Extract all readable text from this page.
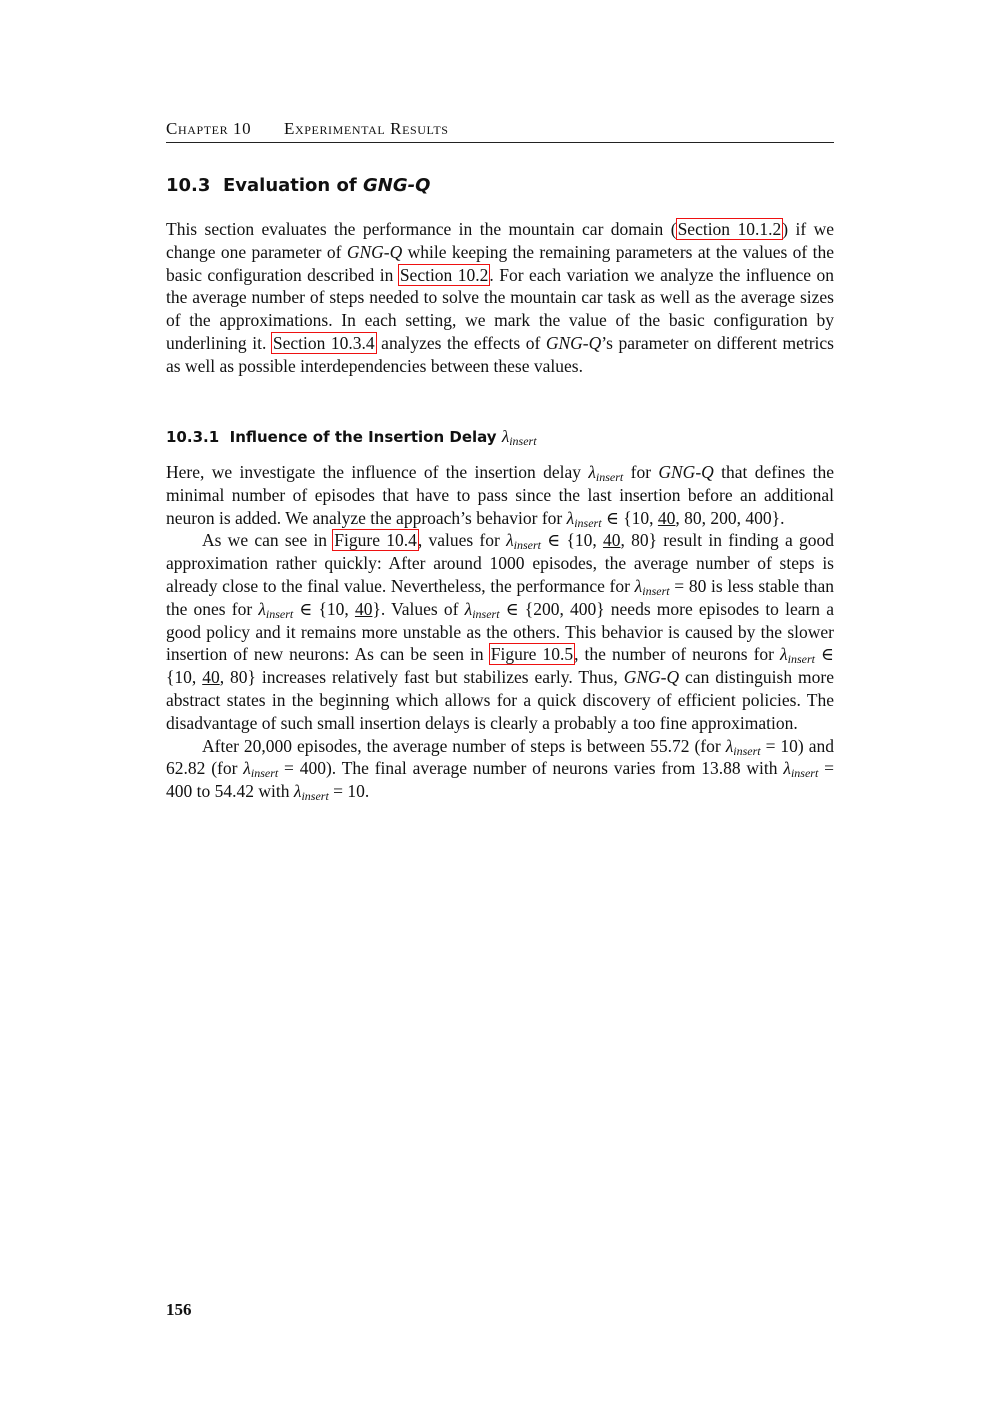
Chapter 10 Experimental Results
10.3 Evaluation of GNG-Q

This section evaluates the performance in the mountain car domain (Section 10.1.2) if we change one parameter of GNG-Q while keeping the remaining parameters at the values of the basic configuration described in Section 10.2. For each variation we analyze the influence on the average number of steps needed to solve the mountain car task as well as the average sizes of the approximations. In each setting, we mark the value of the basic configuration by underlining it. Section 10.3.4 analyzes the effects of GNG-Q’s parameter on different metrics as well as possible interdependencies between these values.

10.3.1 Influence of the Insertion Delay $\lambda_{insert}$

Here, we investigate the influence of the insertion delay $\lambda_{insert}$ for GNG-Q that defines the minimal number of episodes that have to pass since the last insertion before an additional neuron is added. We analyze the approach’s behavior for $\lambda_{insert}$ ∈ {10, 40, 80, 200, 400}.

As we can see in Figure 10.4, values for $\lambda_{insert}$ ∈ {10, 40, 80} result in finding a good approximation rather quickly: After around 1000 episodes, the average number of steps is already close to the final value. Nevertheless, the performance for $\lambda_{insert} = 80$ is less stable than the ones for $\lambda_{insert}$ ∈ {10, 40}. Values of $\lambda_{insert}$ ∈ {200, 400} needs more episodes to learn a good policy and it remains more unstable as the others. This behavior is caused by the slower insertion of new neurons: As can be seen in Figure 10.5, the number of neurons for $\lambda_{insert}$ ∈ {10, 40, 80} increases relatively fast but stabilizes early. Thus, GNG-Q can distinguish more abstract states in the beginning which allows for a quick discovery of efficient policies. The disadvantage of such small insertion delays is clearly a probably a too fine approximation.

After 20,000 episodes, the average number of steps is between 55.72 (for $\lambda_{insert} = 10$) and 62.82 (for $\lambda_{insert} = 400$). The final average number of neurons varies from 13.88 with $\lambda_{insert} = 400$ to 54.42 with $\lambda_{insert} = 10$.

156
